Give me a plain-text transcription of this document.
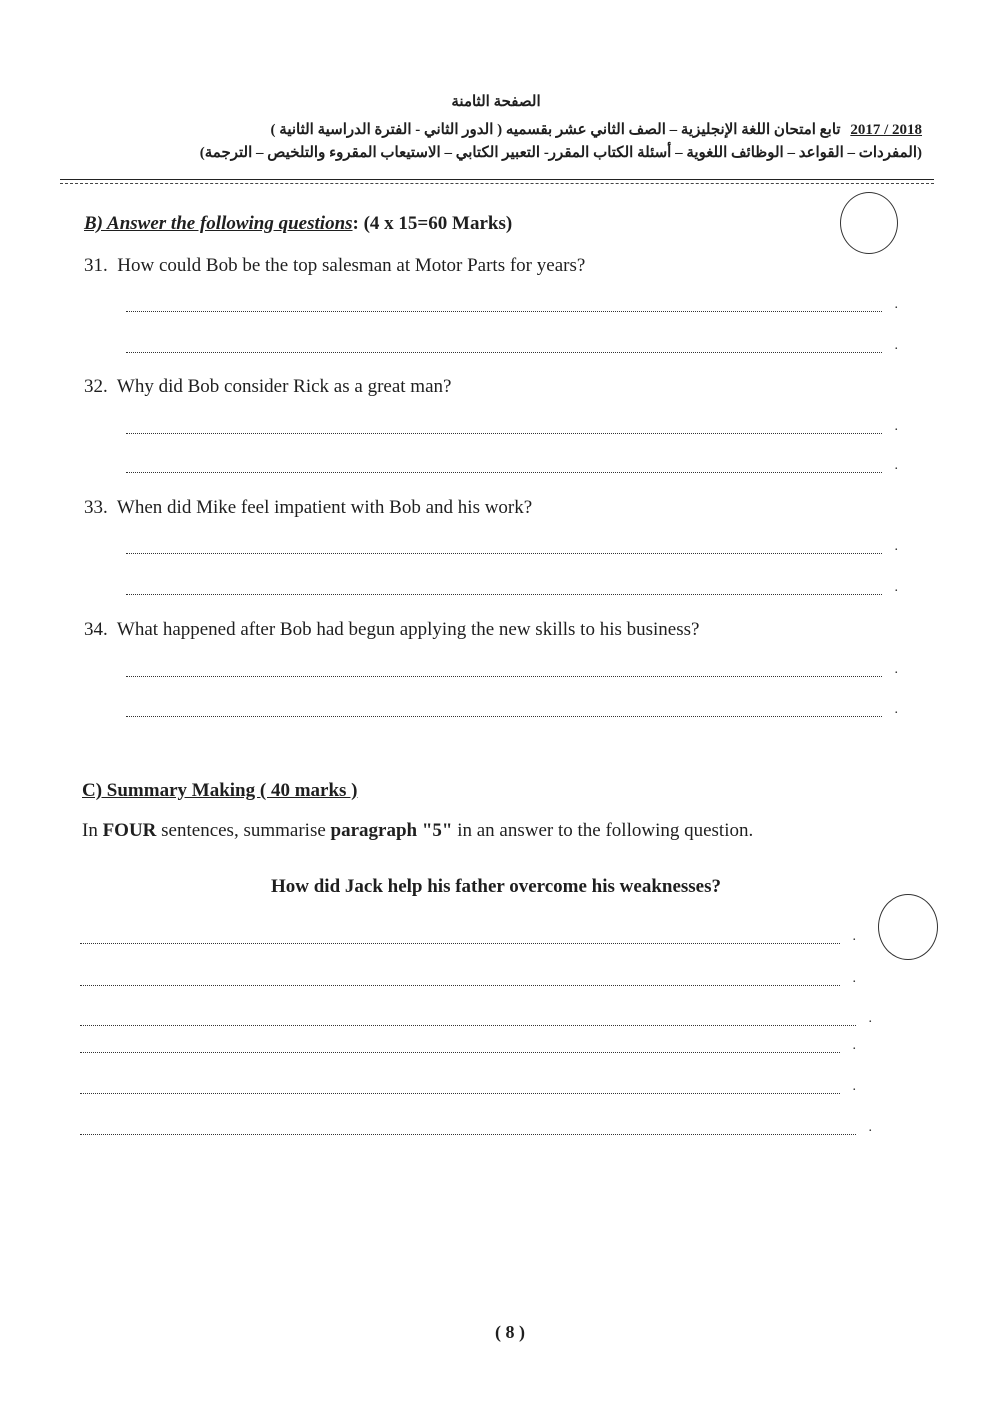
الصفحة الثامنة
تابع امتحان اللغة الإنجليزية – الصف الثاني عشر بقسميه ( الدور الثاني - الفترة الدراسية الثانية ) 2017 / 2018
(المفردات – القواعد – الوظائف اللغوية – أسئلة الكتاب المقرر- التعبير الكتابي – الاستيعاب المقروء والتلخيص – الترجمة)
B) Answer the following questions: (4 x 15=60 Marks)
31. How could Bob be the top salesman at Motor Parts for years?
.
.
32. Why did Bob consider Rick as a great man?
.
.
33. When did Mike feel impatient with Bob and his work?
.
.
34. What happened after Bob had begun applying the new skills to his business?
.
.
C) Summary Making ( 40 marks )
In FOUR sentences, summarise paragraph "5" in an answer to the following question.
How did Jack help his father overcome his weaknesses?
.
.
.
.
.
.
( 8 )
